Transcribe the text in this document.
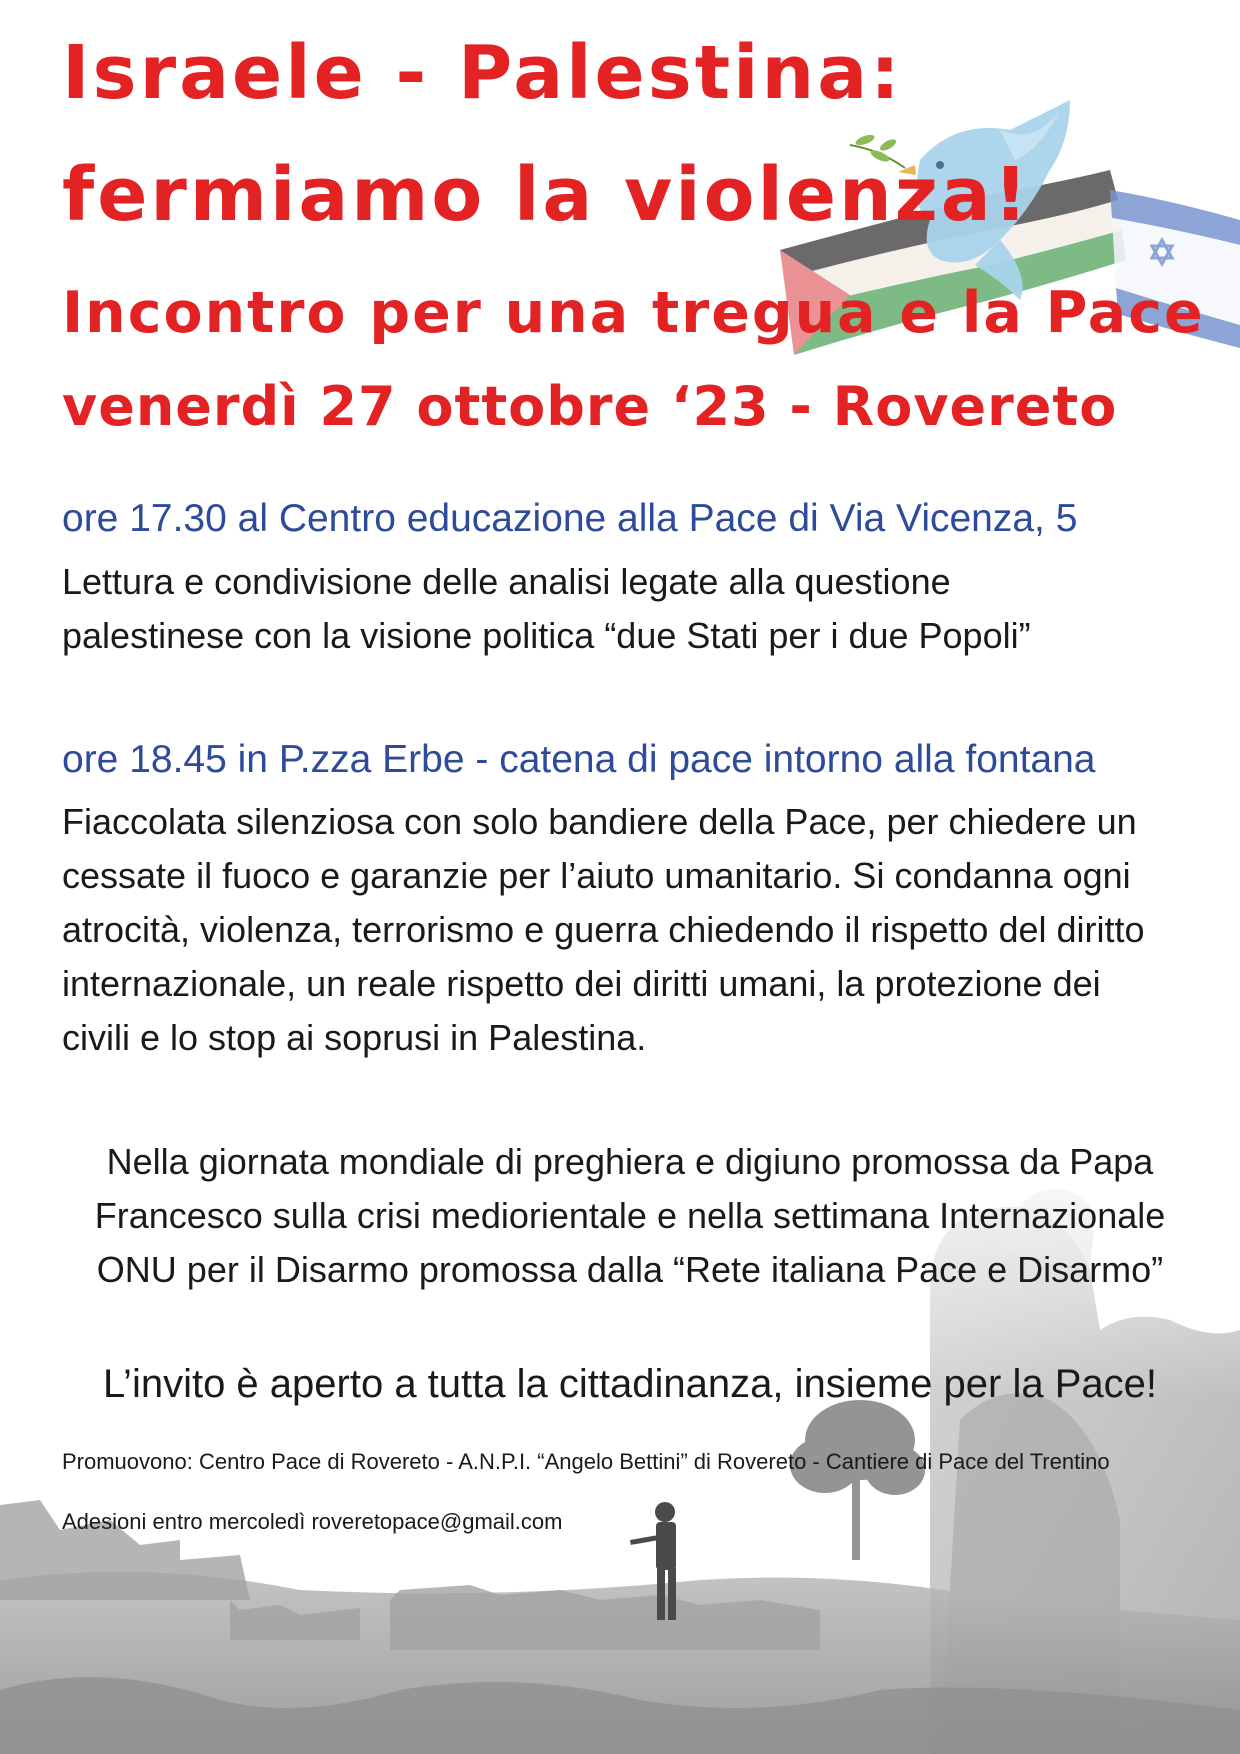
Israele - Palestina:
fermiamo la violenza!
Incontro per una tregua e la Pace
venerdì 27 ottobre ‘23 - Rovereto

ore 17.30 al Centro educazione alla Pace di Via Vicenza, 5

Lettura e condivisione delle analisi legate alla questione
palestinese con la visione politica “due Stati per i due Popoli”

ore 18.45 in P.zza Erbe - catena di pace intorno alla fontana

Fiaccolata silenziosa con solo bandiere della Pace, per chiedere un
cessate il fuoco e garanzie per l’aiuto umanitario. Si condanna ogni
atrocità, violenza, terrorismo e guerra chiedendo il rispetto del diritto
internazionale, un reale rispetto dei diritti umani, la protezione dei
civili e lo stop ai soprusi in Palestina.

Nella giornata mondiale di preghiera e digiuno promossa da Papa
Francesco sulla crisi mediorientale e nella settimana Internazionale
ONU per il Disarmo promossa dalla “Rete italiana Pace e Disarmo”

L’invito è aperto a tutta la cittadinanza, insieme per la Pace!

Promuovono: Centro Pace di Rovereto - A.N.P.I. “Angelo Bettini” di Rovereto - Cantiere di Pace del Trentino

Adesioni entro mercoledì roveretopace@gmail.com
